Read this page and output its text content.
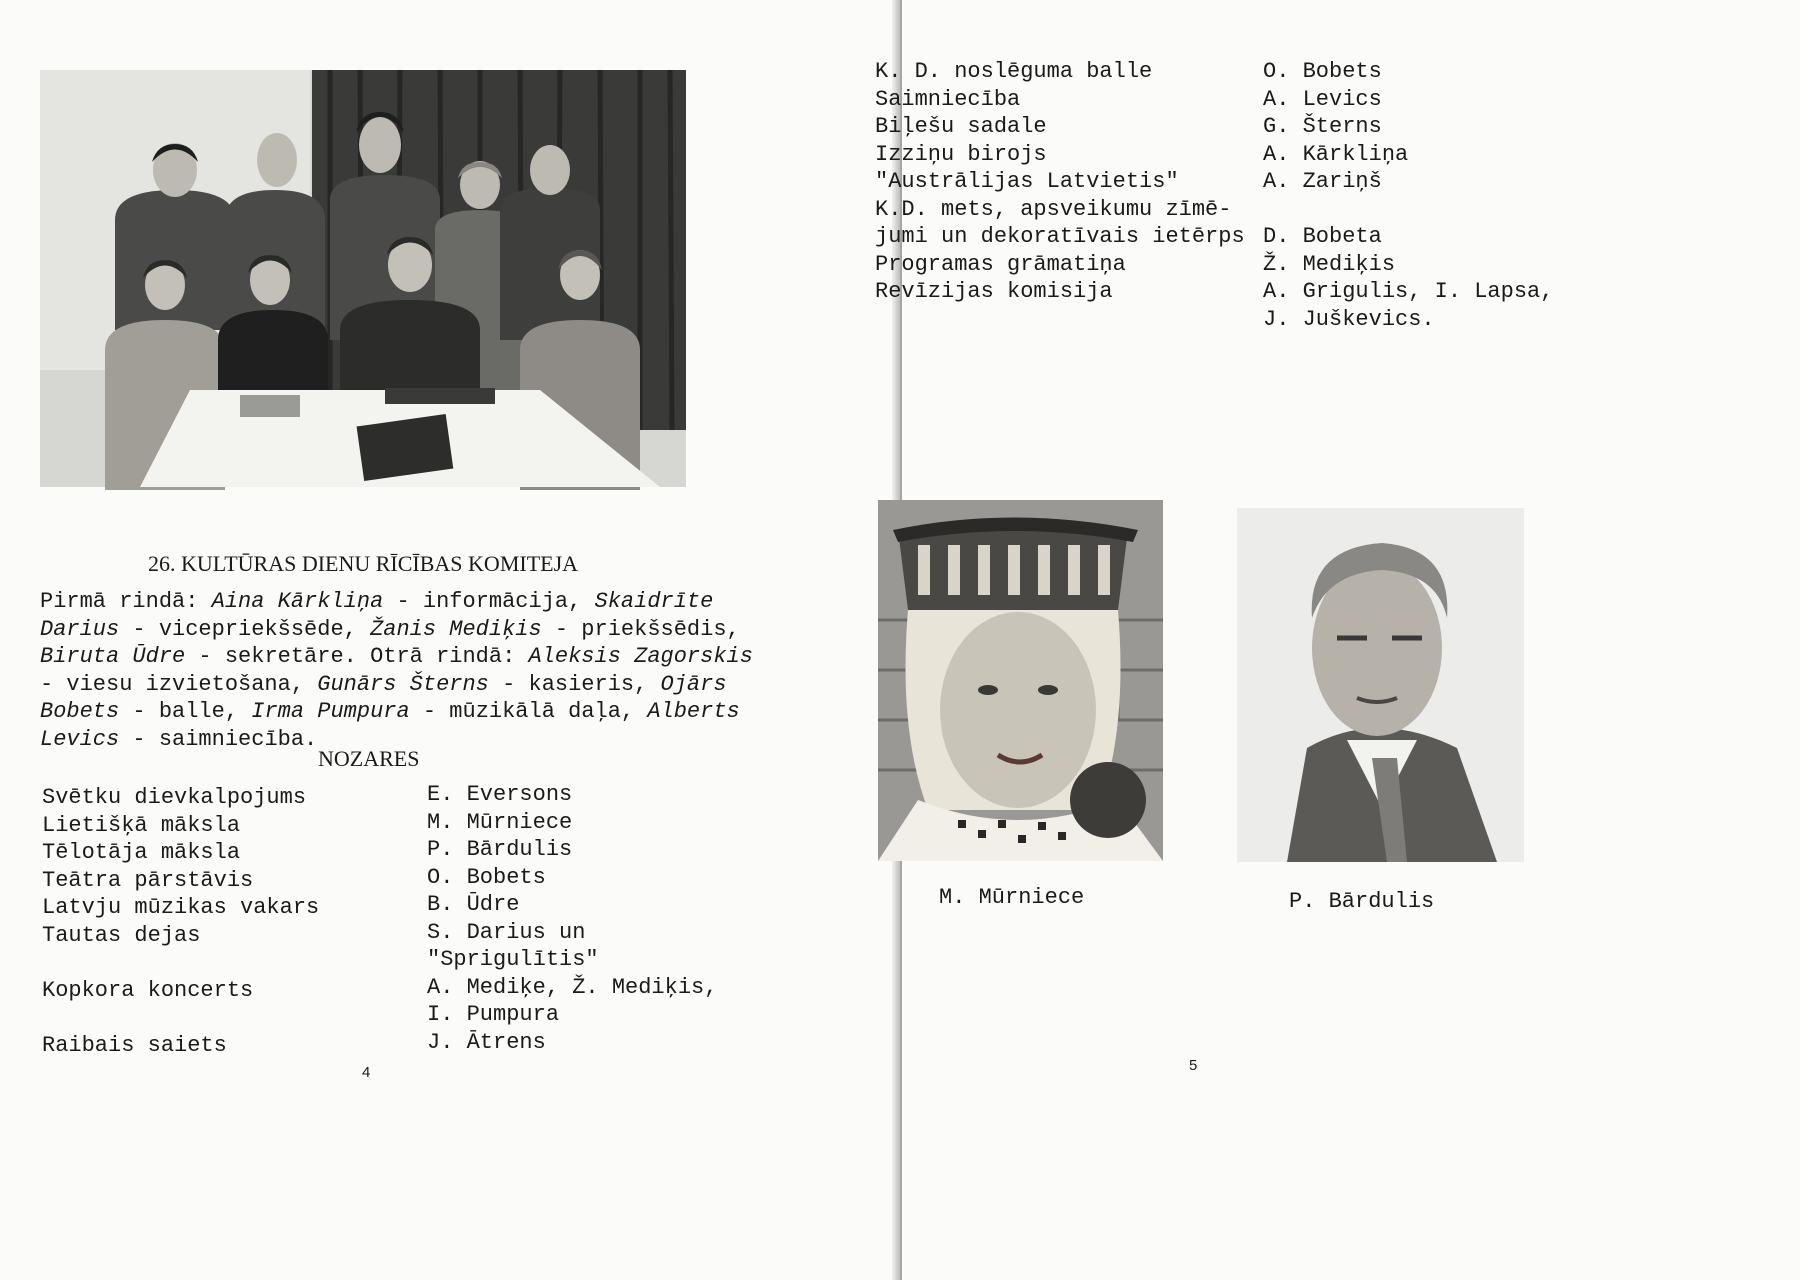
26. KULTŪRAS DIENU RĪCĪBAS KOMITEJA
Pirmā rindā: Aina Kārkliņa - informācija, Skaidrīte
Darius - vicepriekšsēde, Žanis Mediķis - priekšsēdis,
Biruta Ūdre - sekretāre. Otrā rindā: Aleksis Zagorskis
- viesu izvietošana, Gunārs Šterns - kasieris, Ojārs
Bobets - balle, Irma Pumpura - mūzikālā daļa, Alberts
Levics - saimniecība.
NOZARES
Svētku dievkalpojums
Lietišķā māksla
Tēlotāja māksla
Teātra pārstāvis
Latvju mūzikas vakars
Tautas dejas
Kopkora koncerts
Raibais saiets
E. Eversons
M. Mūrniece
P. Bārdulis
O. Bobets
B. Ūdre
S. Darius un
"Sprigulītis"
A. Mediķe, Ž. Mediķis,
I. Pumpura
J. Ātrens
4
K. D. noslēguma balle
Saimniecība
Biļešu sadale
Izziņu birojs
"Austrālijas Latvietis"
K.D. mets, apsveikumu zīmē-
jumi un dekoratīvais ietērps
Programas grāmatiņa
Revīzijas komisija
O. Bobets
A. Levics
G. Šterns
A. Kārkliņa
A. Zariņš
D. Bobeta
Ž. Mediķis
A. Grigulis, I. Lapsa,
J. Juškevics.
M. Mūrniece	P. Bārdulis
5
